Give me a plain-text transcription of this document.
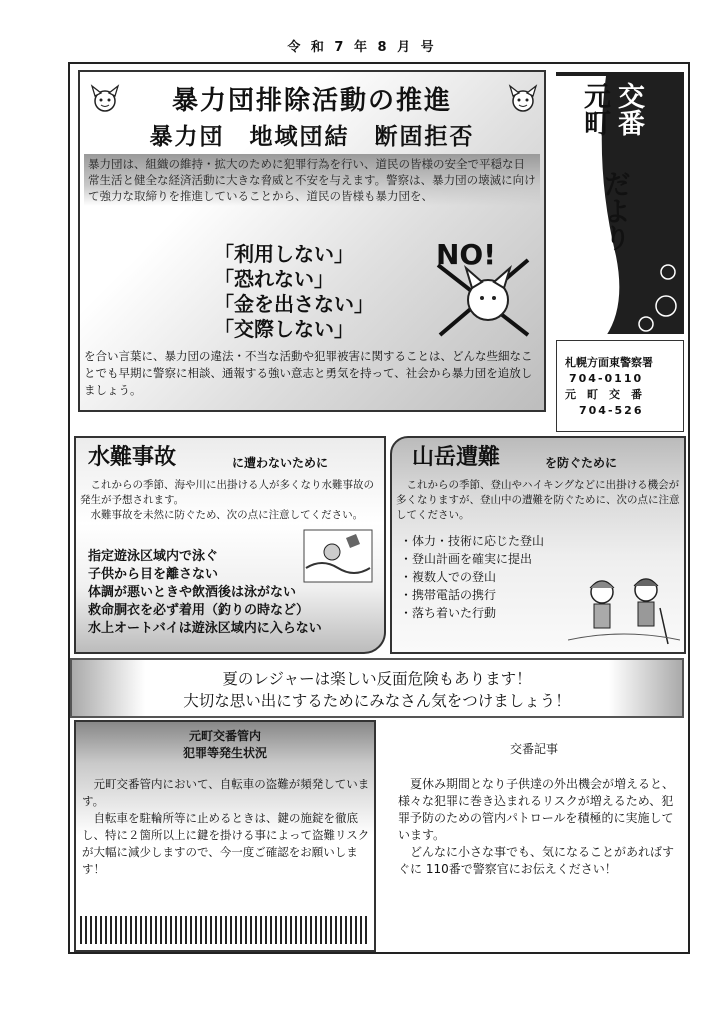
令 和 7 年 8 月 号
暴力団排除活動の推進
暴力団　地域団結　断固拒否
暴力団は、組織の維持・拡大のために犯罪行為を行い、道民の皆様の安全で平穏な日常生活と健全な経済活動に大きな脅威と不安を与えます。警察は、暴力団の壊滅に向けて強力な取締りを推進していることから、道民の皆様も暴力団を、
「利用しない」
「恐れない」
「金を出さない」
「交際しない」
NO!
を合い言葉に、暴力団の違法・不当な活動や犯罪被害に関することは、どんな些細なことでも早期に警察に相談、通報する強い意志と勇気を持って、社会から暴力団を追放しましょう。
元町 交番
だより
札幌方面東警察署
704-0110
元　町　交　番
704-526
水難事故	に遭わないために
　これからの季節、海や川に出掛ける人が多くなり水難事故の発生が予想されます。
　水難事故を未然に防ぐため、次の点に注意してください。
指定遊泳区域内で泳ぐ
子供から目を離さない
体調が悪いときや飲酒後は泳がない
救命胴衣を必ず着用（釣りの時など）
水上オートバイは遊泳区域内に入らない
山岳遭難	を防ぐために
　これからの季節、登山やハイキングなどに出掛ける機会が多くなりますが、登山中の遭難を防ぐために、次の点に注意してください。
・体力・技術に応じた登山
・登山計画を確実に提出
・複数人での登山
・携帯電話の携行
・落ち着いた行動
夏のレジャーは楽しい反面危険もあります！
大切な思い出にするためにみなさん気をつけましょう！
元町交番管内
犯罪等発生状況
　元町交番管内において、自転車の盗難が頻発しています。
　自転車を駐輪所等に止めるときは、鍵の施錠を徹底し、特に２箇所以上に鍵を掛ける事によって盗難リスクが大幅に減少しますので、今一度ご確認をお願いします！
交番記事
　夏休み期間となり子供達の外出機会が増えると、様々な犯罪に巻き込まれるリスクが増えるため、犯罪予防のための管内パトロールを積極的に実施しています。
　どんなに小さな事でも、気になることがあればすぐに 110番で警察官にお伝えください！
